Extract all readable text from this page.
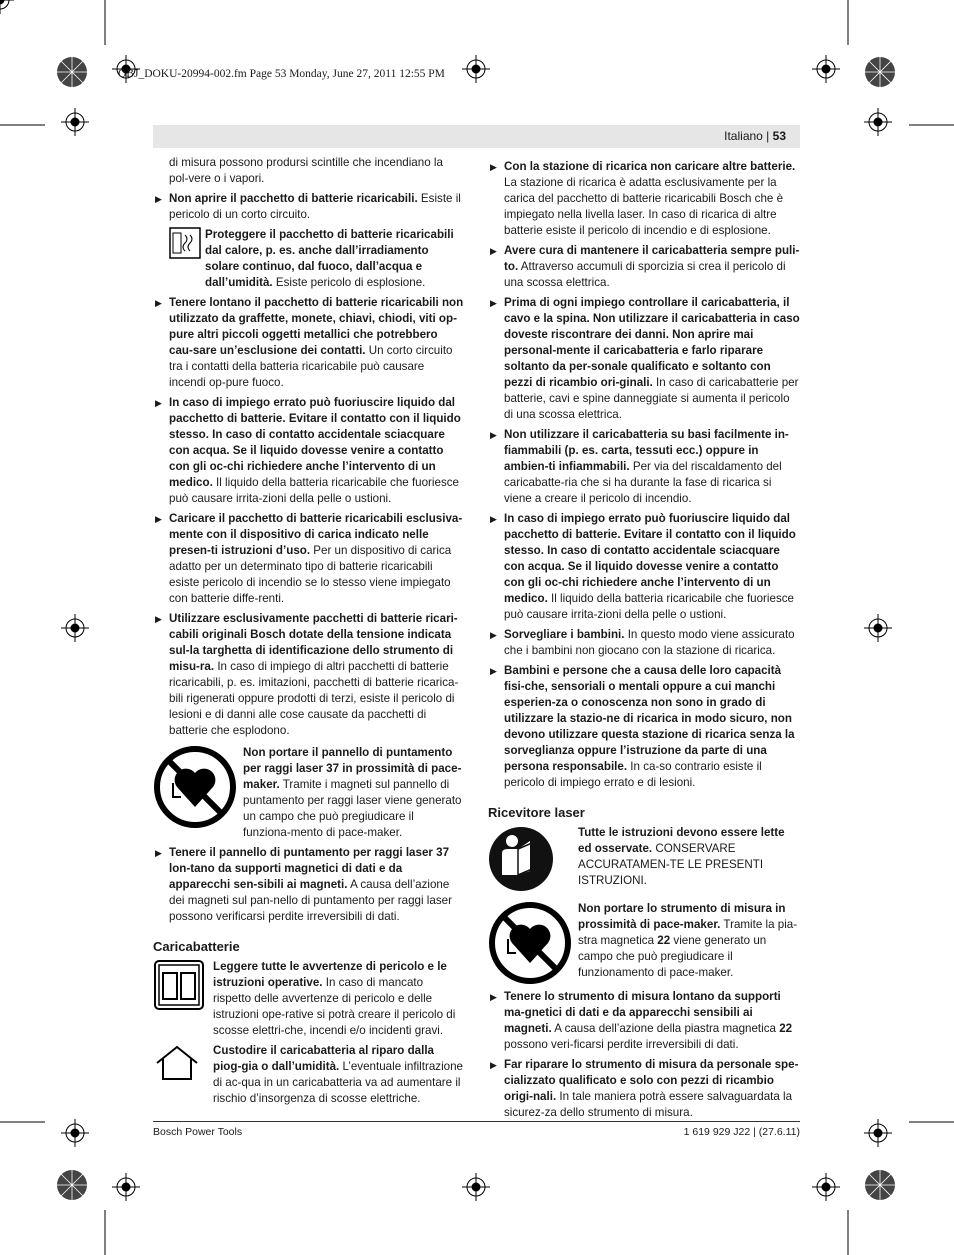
OBJ_DOKU-20994-002.fm Page 53 Monday, June 27, 2011 12:55 PM
Italiano | 53

di misura possono prodursi scintille che incendiano la pol-vere o i vapori.

▶ Non aprire il pacchetto di batterie ricaricabili. Esiste il pericolo di un corto circuito.
Proteggere il pacchetto di batterie ricaricabili dal calore, p. es. anche dall’irradiamento solare continuo, dal fuoco, dall’acqua e dall’umidità. Esiste pericolo di esplosione.
▶ Tenere lontano il pacchetto di batterie ricaricabili non utilizzato da graffette, monete, chiavi, chiodi, viti op-pure altri piccoli oggetti metallici che potrebbero cau-sare un’esclusione dei contatti. Un corto circuito tra i contatti della batteria ricaricabile può causare incendi op-pure fuoco.
▶ In caso di impiego errato può fuoriuscire liquido dal pacchetto di batterie. Evitare il contatto con il liquido stesso. In caso di contatto accidentale sciacquare con acqua. Se il liquido dovesse venire a contatto con gli oc-chi richiedere anche l’intervento di un medico. Il liquido della batteria ricaricabile che fuoriesce può causare irrita-zioni della pelle o ustioni.
▶ Caricare il pacchetto di batterie ricaricabili esclusiva-mente con il dispositivo di carica indicato nelle presen-ti istruzioni d’uso. Per un dispositivo di carica adatto per un determinato tipo di batterie ricaricabili esiste pericolo di incendio se lo stesso viene impiegato con batterie diffe-renti.
▶ Utilizzare esclusivamente pacchetti di batterie ricari-cabili originali Bosch dotate della tensione indicata sul-la targhetta di identificazione dello strumento di misu-ra. In caso di impiego di altri pacchetti di batterie ricaricabili, p. es. imitazioni, pacchetti di batterie ricarica-bili rigenerati oppure prodotti di terzi, esiste il pericolo di lesioni e di danni alle cose causate da pacchetti di batterie che esplodono.
Non portare il pannello di puntamento per raggi laser 37 in prossimità di pace-maker. Tramite i magneti sul pannello di puntamento per raggi laser viene generato un campo che può pregiudicare il funziona-mento di pace-maker.
▶ Tenere il pannello di puntamento per raggi laser 37 lon-tano da supporti magnetici di dati e da apparecchi sen-sibili ai magneti. A causa dell’azione dei magneti sul pan-nello di puntamento per raggi laser possono verificarsi perdite irreversibili di dati.
Caricabatterie
Leggere tutte le avvertenze di pericolo e le istruzioni operative. In caso di mancato rispetto delle avvertenze di pericolo e delle istruzioni ope-rative si potrà creare il pericolo di scosse elettri-che, incendi e/o incidenti gravi.
Custodire il caricabatteria al riparo dalla piog-gia o dall’umidità. L’eventuale infiltrazione di ac-qua in un caricabatteria va ad aumentare il rischio d’insorgenza di scosse elettriche.
▶ Con la stazione di ricarica non caricare altre batterie. La stazione di ricarica è adatta esclusivamente per la carica del pacchetto di batterie ricaricabili Bosch che è impiegato nella livella laser. In caso di ricarica di altre batterie esiste il pericolo di incendio e di esplosione.
▶ Avere cura di mantenere il caricabatteria sempre puli-to. Attraverso accumuli di sporcizia si crea il pericolo di una scossa elettrica.
▶ Prima di ogni impiego controllare il caricabatteria, il cavo e la spina. Non utilizzare il caricabatteria in caso doveste riscontrare dei danni. Non aprire mai personal-mente il caricabatteria e farlo riparare soltanto da per-sonale qualificato e soltanto con pezzi di ricambio ori-ginali. In caso di caricabatterie per batterie, cavi e spine danneggiate si aumenta il pericolo di una scossa elettrica.
▶ Non utilizzare il caricabatteria su basi facilmente in-fiammabili (p. es. carta, tessuti ecc.) oppure in ambien-ti infiammabili. Per via del riscaldamento del caricabatte-ria che si ha durante la fase di ricarica si viene a creare il pericolo di incendio.
▶ In caso di impiego errato può fuoriuscire liquido dal pacchetto di batterie. Evitare il contatto con il liquido stesso. In caso di contatto accidentale sciacquare con acqua. Se il liquido dovesse venire a contatto con gli oc-chi richiedere anche l’intervento di un medico. Il liquido della batteria ricaricabile che fuoriesce può causare irrita-zioni della pelle o ustioni.
▶ Sorvegliare i bambini. In questo modo viene assicurato che i bambini non giocano con la stazione di ricarica.
▶ Bambini e persone che a causa delle loro capacità fisi-che, sensoriali o mentali oppure a cui manchi esperien-za o conoscenza non sono in grado di utilizzare la stazio-ne di ricarica in modo sicuro, non devono utilizzare questa stazione di ricarica senza la sorveglianza oppure l’istruzione da parte di una persona responsabile. In ca-so contrario esiste il pericolo di impiego errato e di lesioni.
Ricevitore laser
Tutte le istruzioni devono essere lette ed osservate. CONSERVARE ACCURATAMEN-TE LE PRESENTI ISTRUZIONI.
Non portare lo strumento di misura in prossimità di pace-maker. Tramite la pia-stra magnetica 22 viene generato un campo che può pregiudicare il funzionamento di pace-maker.
▶ Tenere lo strumento di misura lontano da supporti ma-gnetici di dati e da apparecchi sensibili ai magneti. A causa dell’azione della piastra magnetica 22 possono veri-ficarsi perdite irreversibili di dati.
▶ Far riparare lo strumento di misura da personale spe-cializzato qualificato e solo con pezzi di ricambio origi-nali. In tale maniera potrà essere salvaguardata la sicurez-za dello strumento di misura.
Bosch Power Tools	1 619 929 J22 | (27.6.11)
